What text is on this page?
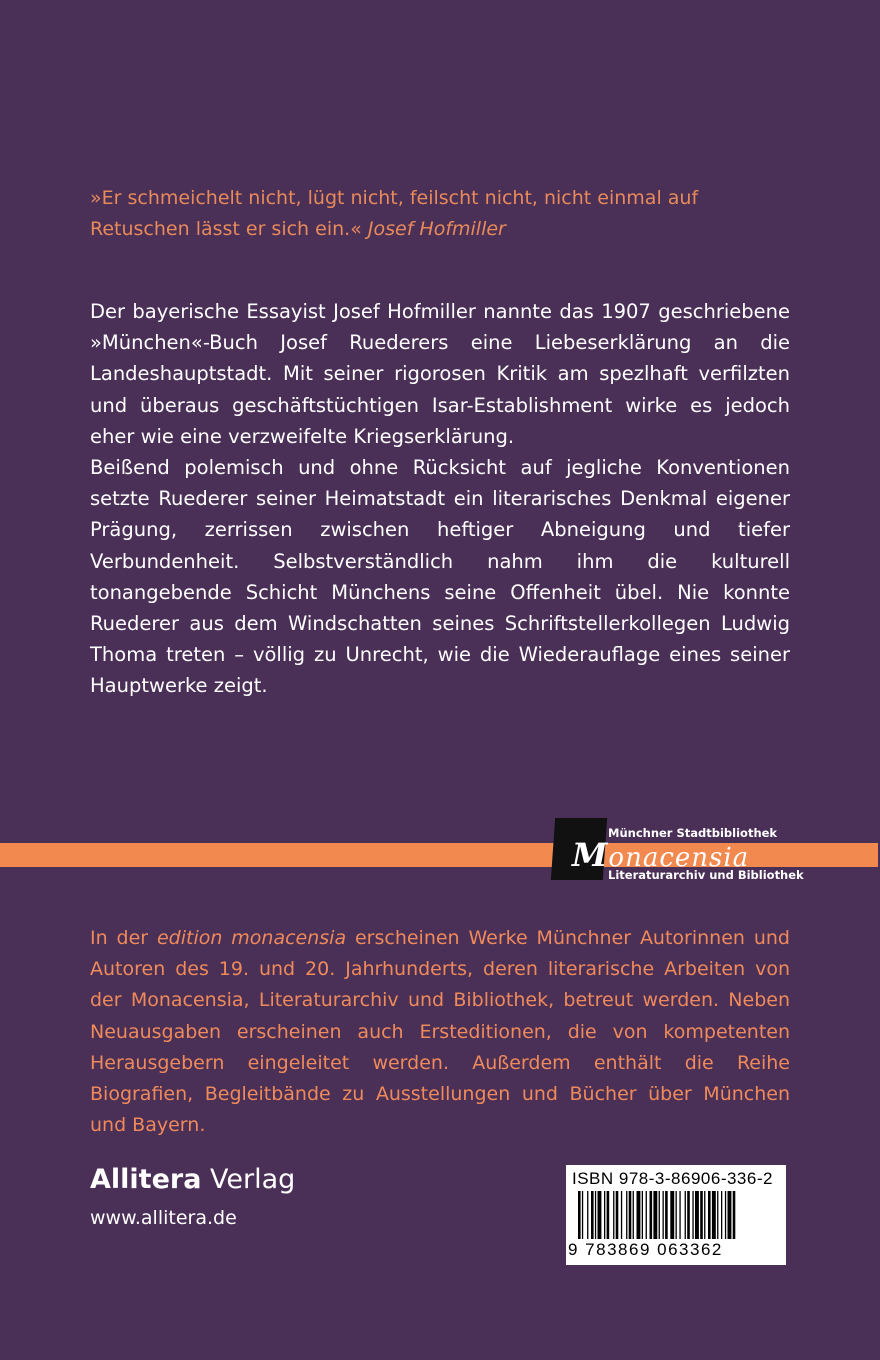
»Er schmeichelt nicht, lügt nicht, feilscht nicht, nicht einmal auf Retuschen lässt er sich ein.« Josef Hofmiller

Der bayerische Essayist Josef Hofmiller nannte das 1907 geschriebene »München«-Buch Josef Ruederers eine Liebeserklärung an die Landeshauptstadt. Mit seiner rigorosen Kritik am spezlhaft verfilzten und überaus geschäftstüchtigen Isar-Establishment wirke es jedoch eher wie eine verzweifelte Kriegserklärung.

Beißend polemisch und ohne Rücksicht auf jegliche Konventionen setzte Ruederer seiner Heimatstadt ein literarisches Denkmal eigener Prägung, zerrissen zwischen heftiger Abneigung und tiefer Verbundenheit. Selbstverständlich nahm ihm die kulturell tonangebende Schicht Münchens seine Offenheit übel. Nie konnte Ruederer aus dem Windschatten seines Schriftstellerkollegen Ludwig Thoma treten – völlig zu Unrecht, wie die Wiederauflage eines seiner Hauptwerke zeigt.

Münchner Stadtbibliothek
Monacensia
Literaturarchiv und Bibliothek
In der edition monacensia erscheinen Werke Münchner Autorinnen und Autoren des 19. und 20. Jahrhunderts, deren literarische Arbeiten von der Monacensia, Literaturarchiv und Bibliothek, betreut werden. Neben Neuausgaben erscheinen auch Ersteditionen, die von kompetenten Herausgebern eingeleitet werden. Außerdem enthält die Reihe Biografien, Begleitbände zu Ausstellungen und Bücher über München und Bayern.
Allitera Verlag
www.allitera.de
ISBN 978-3-86906-336-2
9 783869 063362
